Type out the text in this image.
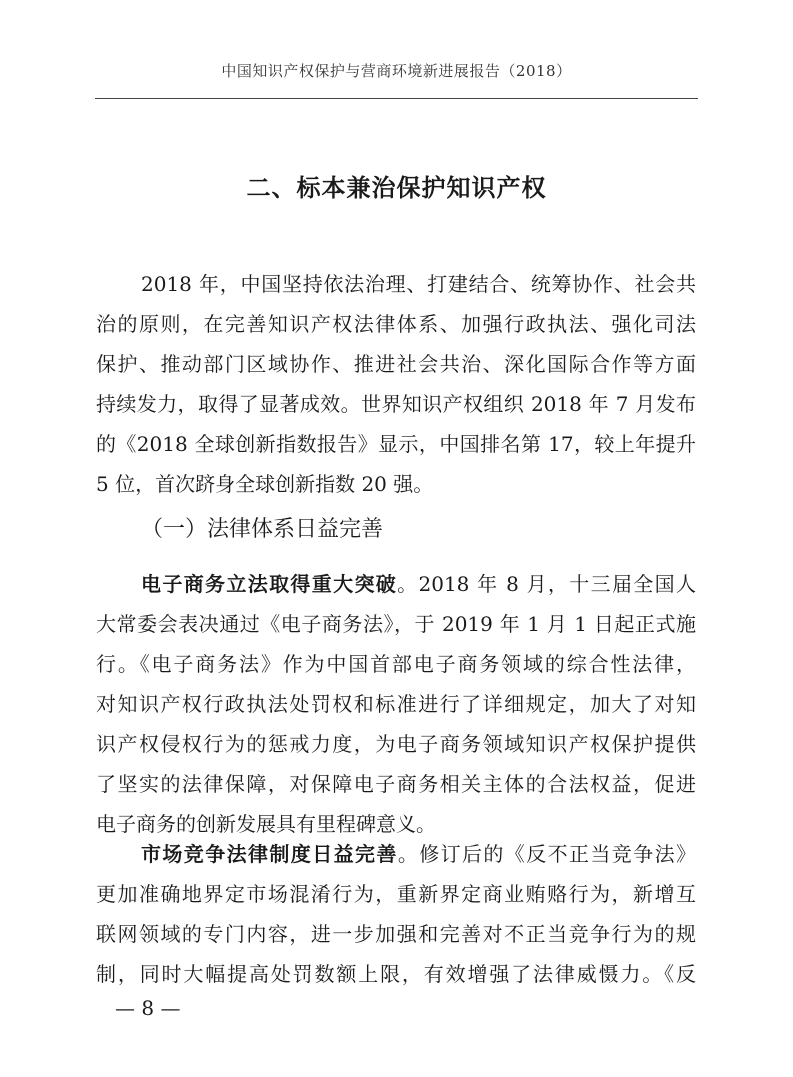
中国知识产权保护与营商环境新进展报告（2018）
二、标本兼治保护知识产权
2018 年，中国坚持依法治理、打建结合、统筹协作、社会共
治的原则，在完善知识产权法律体系、加强行政执法、强化司法
保护、推动部门区域协作、推进社会共治、深化国际合作等方面
持续发力，取得了显著成效。世界知识产权组织 2018 年 7 月发布
的《2018 全球创新指数报告》显示，中国排名第 17，较上年提升
5 位，首次跻身全球创新指数 20 强。
（一）法律体系日益完善
电子商务立法取得重大突破。2018 年 8 月，十三届全国人
大常委会表决通过《电子商务法》，于 2019 年 1 月 1 日起正式施
行。《电子商务法》作为中国首部电子商务领域的综合性法律，
对知识产权行政执法处罚权和标准进行了详细规定，加大了对知
识产权侵权行为的惩戒力度，为电子商务领域知识产权保护提供
了坚实的法律保障，对保障电子商务相关主体的合法权益，促进
电子商务的创新发展具有里程碑意义。
市场竞争法律制度日益完善。修订后的《反不正当竞争法》
更加准确地界定市场混淆行为，重新界定商业贿赂行为，新增互
联网领域的专门内容，进一步加强和完善对不正当竞争行为的规
制，同时大幅提高处罚数额上限，有效增强了法律威慑力。《反
— 8 —
